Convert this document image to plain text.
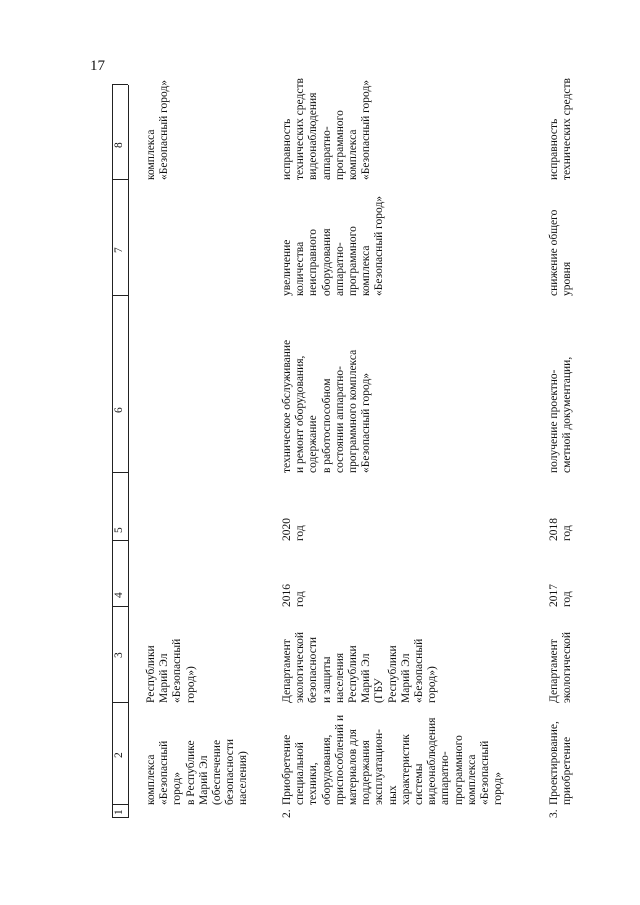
17
1
2
3
4
5
6
7
8
комплекса «Безопасный город» в Республике Марий Эл (обеспечение безопасности населения)
Республики Марий Эл «Безопасный город»)
комплекса «Безопасный город»
2.
Приобретение специальной техники, оборудования, приспособлений и материалов для поддержания эксплуатацион- ных характеристик системы видеонаблюдения аппаратно- программного комплекса «Безопасный город»
Департамент экологической безопасности и защиты населения Республики Марий Эл (ГБУ Республики Марий Эл «Безопасный город»)
2016 год
2020 год
техническое обслуживание и ремонт оборудования, содержание в работоспособном состоянии аппаратно- программного комплекса «Безопасный город»
увеличение количества неисправного оборудования аппаратно- программного комплекса «Безопасный город»
исправность технических средств видеонаблюдения аппаратно- программного комплекса «Безопасный город»
3.
Проектирование, приобретение
Департамент экологической
2017 год
2018 год
получение проектно- сметной документации,
снижение общего уровня
исправность технических средств
